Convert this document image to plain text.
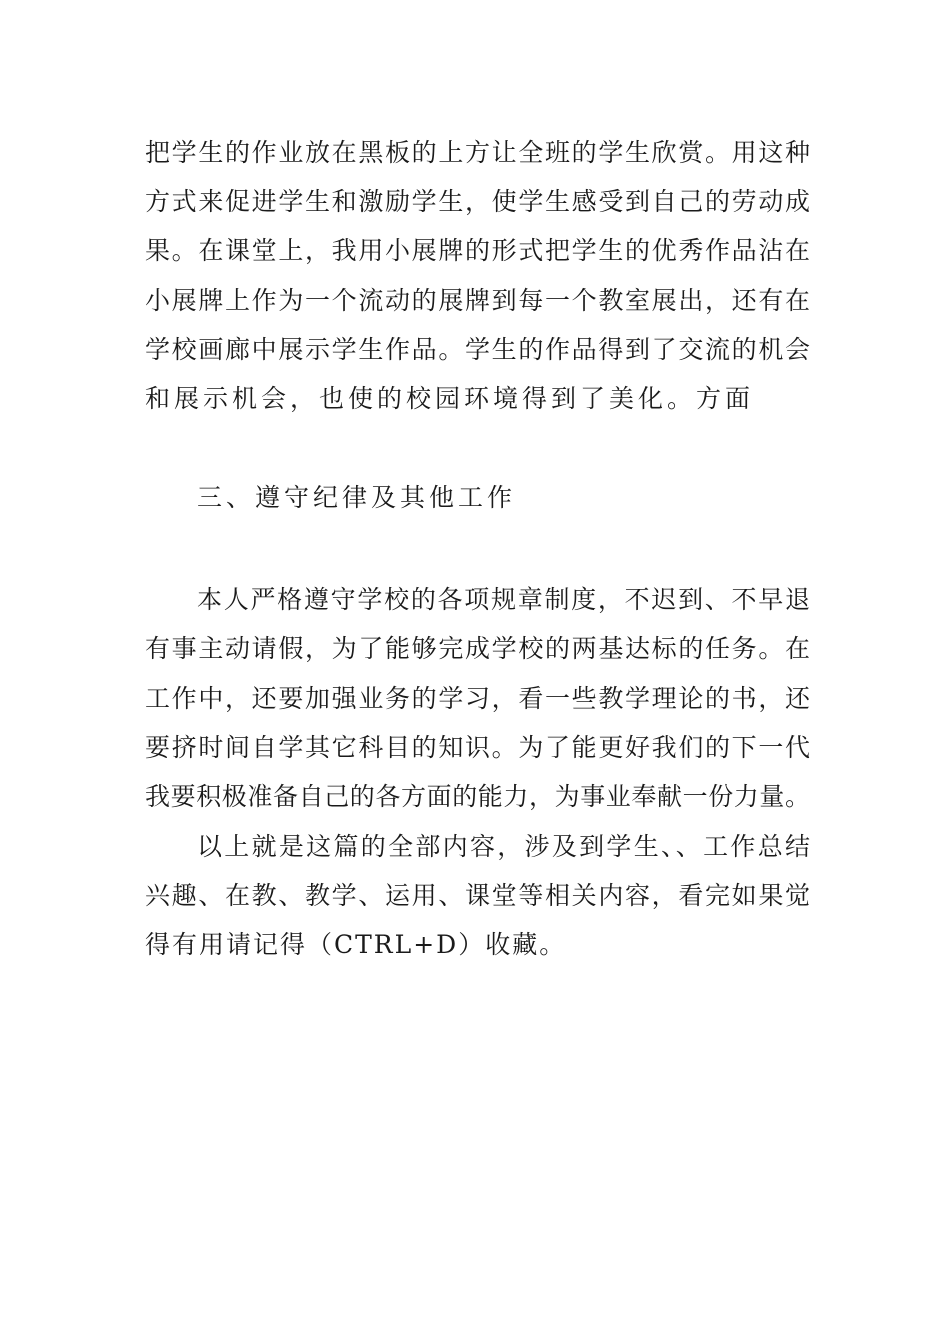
把学生的作业放在黑板的上方让全班的学生欣赏。用这种
方式来促进学生和激励学生，使学生感受到自己的劳动成
果。在课堂上，我用小展牌的形式把学生的优秀作品沾在
小展牌上作为一个流动的展牌到每一个教室展出，还有在
学校画廊中展示学生作品。学生的作品得到了交流的机会
和展示机会，也使的校园环境得到了美化。方面
三、遵守纪律及其他工作
本人严格遵守学校的各项规章制度，不迟到、不早退
有事主动请假，为了能够完成学校的两基达标的任务。在
工作中，还要加强业务的学习，看一些教学理论的书，还
要挤时间自学其它科目的知识。为了能更好我们的下一代
我要积极准备自己的各方面的能力，为事业奉献一份力量。
以上就是这篇的全部内容，涉及到学生、、工作总结
兴趣、在教、教学、运用、课堂等相关内容，看完如果觉
得有用请记得（CTRL+D）收藏。
